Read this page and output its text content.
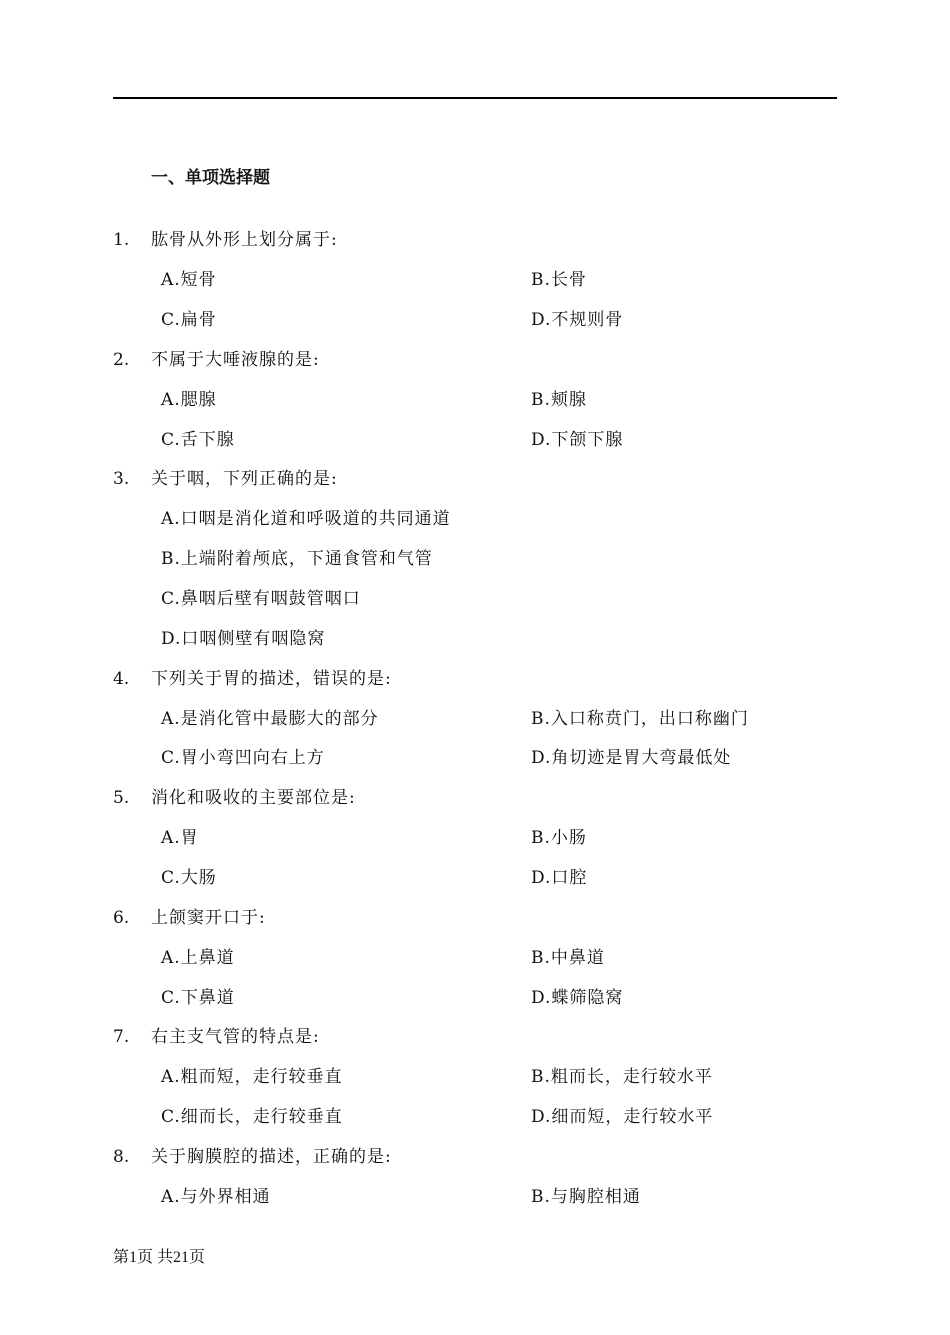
一、单项选择题
1. 肱骨从外形上划分属于:
A.短骨	B.长骨
C.扁骨	D.不规则骨
2. 不属于大唾液腺的是:
A.腮腺	B.颊腺
C.舌下腺	D.下颌下腺
3. 关于咽，下列正确的是:
A.口咽是消化道和呼吸道的共同通道
B.上端附着颅底，下通食管和气管
C.鼻咽后壁有咽鼓管咽口
D.口咽侧壁有咽隐窝
4. 下列关于胃的描述，错误的是:
A.是消化管中最膨大的部分	B.入口称贲门，出口称幽门
C.胃小弯凹向右上方	D.角切迹是胃大弯最低处
5. 消化和吸收的主要部位是:
A.胃	B.小肠
C.大肠	D.口腔
6. 上颌窦开口于:
A.上鼻道	B.中鼻道
C.下鼻道	D.蝶筛隐窝
7. 右主支气管的特点是:
A.粗而短，走行较垂直	B.粗而长，走行较水平
C.细而长，走行较垂直	D.细而短，走行较水平
8. 关于胸膜腔的描述，正确的是:
A.与外界相通	B.与胸腔相通
第1页 共21页
